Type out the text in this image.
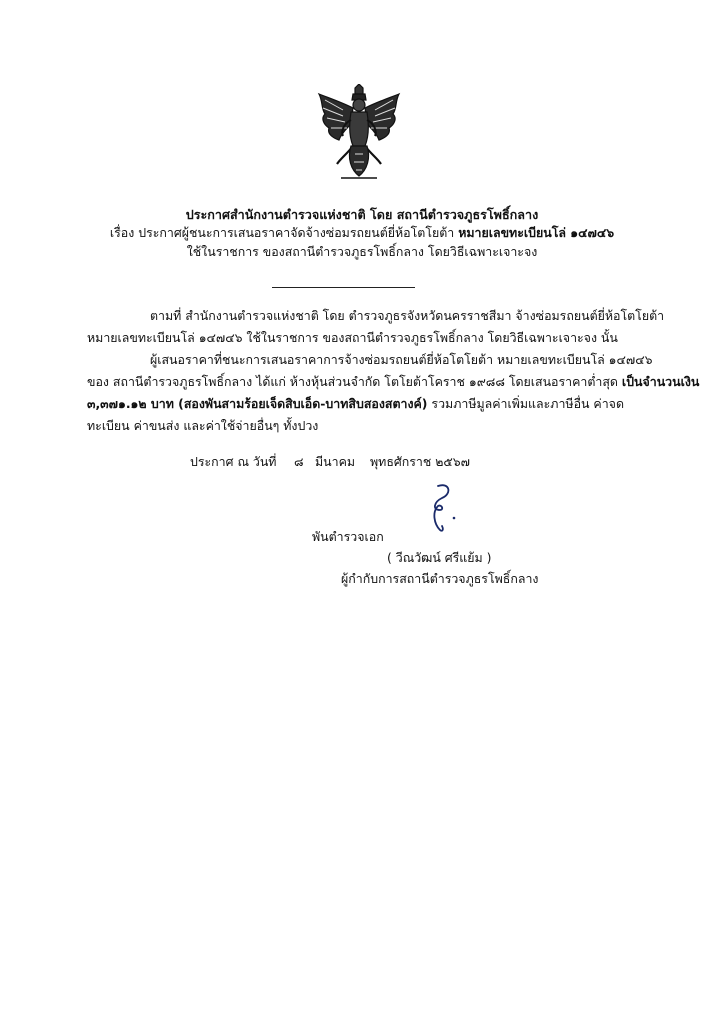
ประกาศสำนักงานตำรวจแห่งชาติ โดย สถานีตำรวจภูธรโพธิ์กลาง
เรื่อง ประกาศผู้ชนะการเสนอราคาจัดจ้างซ่อมรถยนต์ยี่ห้อโตโยต้า หมายเลขทะเบียนโล่ ๑๔๗๔๖
ใช้ในราชการ ของสถานีตำรวจภูธรโพธิ์กลาง โดยวิธีเฉพาะเจาะจง
ตามที่ สำนักงานตำรวจแห่งชาติ โดย ตำรวจภูธรจังหวัดนครราชสีมา จ้างซ่อมรถยนต์ยี่ห้อโตโยต้า
หมายเลขทะเบียนโล่ ๑๔๗๔๖ ใช้ในราชการ ของสถานีตำรวจภูธรโพธิ์กลาง โดยวิธีเฉพาะเจาะจง นั้น
ผู้เสนอราคาที่ชนะการเสนอราคาการจ้างซ่อมรถยนต์ยี่ห้อโตโยต้า หมายเลขทะเบียนโล่ ๑๔๗๔๖
ของ สถานีตำรวจภูธรโพธิ์กลาง ได้แก่ ห้างหุ้นส่วนจำกัด โตโยต้าโคราช ๑๙๘๘ โดยเสนอราคาต่ำสุด เป็นจำนวนเงิน
๓,๓๗๑.๑๒ บาท (สองพันสามร้อยเจ็ดสิบเอ็ด-บาทสิบสองสตางค์) รวมภาษีมูลค่าเพิ่มและภาษีอื่น ค่าจด
ทะเบียน ค่าขนส่ง และค่าใช้จ่ายอื่นๆ ทั้งปวง
ประกาศ ณ วันที่ ๘ มีนาคม พุทธศักราช ๒๕๖๗
พันตำรวจเอก
( วีณวัฒน์ ศรีแย้ม )
ผู้กำกับการสถานีตำรวจภูธรโพธิ์กลาง
